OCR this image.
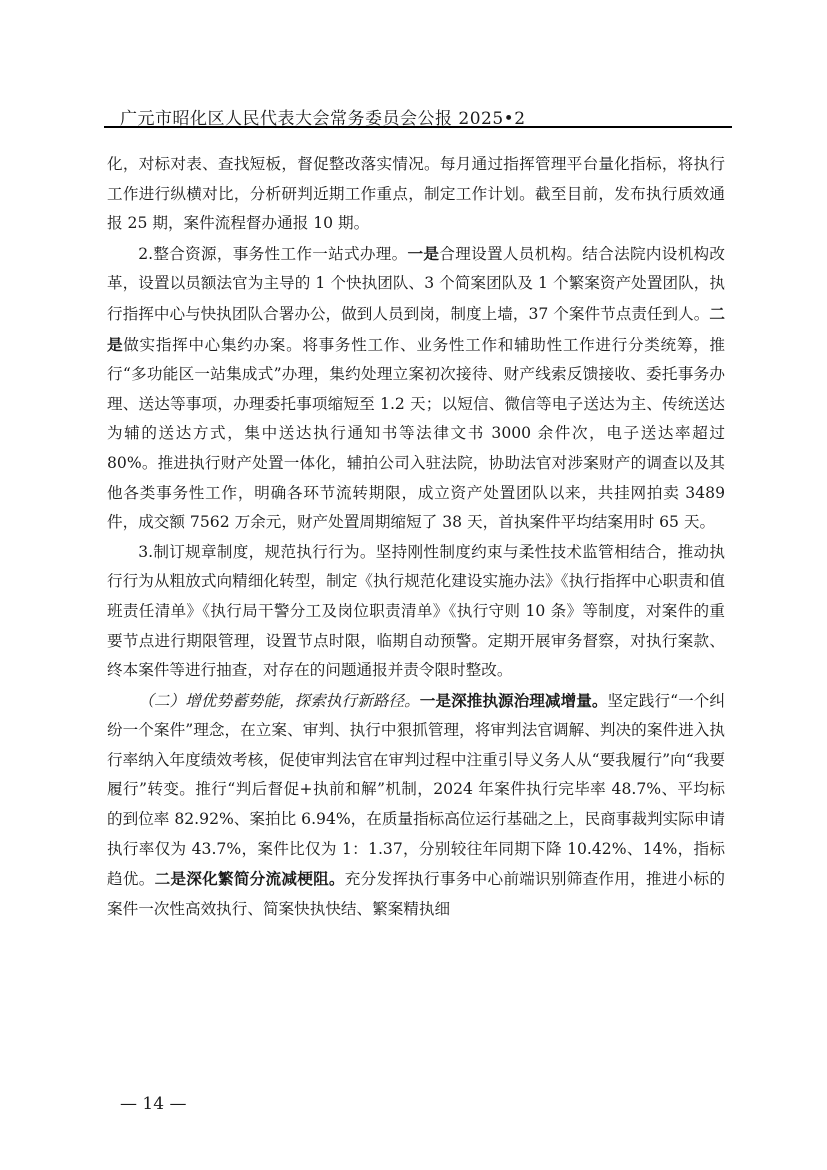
广元市昭化区人民代表大会常务委员会公报 2025•2

化，对标对表、查找短板，督促整改落实情况。每月通过指挥管理平台量化指标，将执行工作进行纵横对比，分析研判近期工作重点，制定工作计划。截至目前，发布执行质效通报 25 期，案件流程督办通报 10 期。

2.整合资源，事务性工作一站式办理。一是合理设置人员机构。结合法院内设机构改革，设置以员额法官为主导的 1 个快执团队、3 个简案团队及 1 个繁案资产处置团队，执行指挥中心与快执团队合署办公，做到人员到岗，制度上墙，37 个案件节点责任到人。二是做实指挥中心集约办案。将事务性工作、业务性工作和辅助性工作进行分类统筹，推行“多功能区一站集成式”办理，集约处理立案初次接待、财产线索反馈接收、委托事务办理、送达等事项，办理委托事项缩短至 1.2 天；以短信、微信等电子送达为主、传统送达为辅的送达方式，集中送达执行通知书等法律文书 3000 余件次，电子送达率超过 80%。推进执行财产处置一体化，辅拍公司入驻法院，协助法官对涉案财产的调查以及其他各类事务性工作，明确各环节流转期限，成立资产处置团队以来，共挂网拍卖 3489 件，成交额 7562 万余元，财产处置周期缩短了 38 天，首执案件平均结案用时 65 天。

3.制订规章制度，规范执行行为。坚持刚性制度约束与柔性技术监管相结合，推动执行行为从粗放式向精细化转型，制定《执行规范化建设实施办法》《执行指挥中心职责和值班责任清单》《执行局干警分工及岗位职责清单》《执行守则 10 条》等制度，对案件的重要节点进行期限管理，设置节点时限，临期自动预警。定期开展审务督察，对执行案款、终本案件等进行抽查，对存在的问题通报并责令限时整改。

（二）增优势蓄势能，探索执行新路径。一是深推执源治理减增量。坚定践行“一个纠纷一个案件”理念，在立案、审判、执行中狠抓管理，将审判法官调解、判决的案件进入执行率纳入年度绩效考核，促使审判法官在审判过程中注重引导义务人从“要我履行”向“我要履行”转变。推行“判后督促+执前和解”机制，2024 年案件执行完毕率 48.7%、平均标的到位率 82.92%、案拍比 6.94%，在质量指标高位运行基础之上，民商事裁判实际申请执行率仅为 43.7%，案件比仅为 1：1.37，分别较往年同期下降 10.42%、14%，指标趋优。二是深化繁简分流减梗阻。充分发挥执行事务中心前端识别筛查作用，推进小标的案件一次性高效执行、简案快执快结、繁案精执细

— 14 —
